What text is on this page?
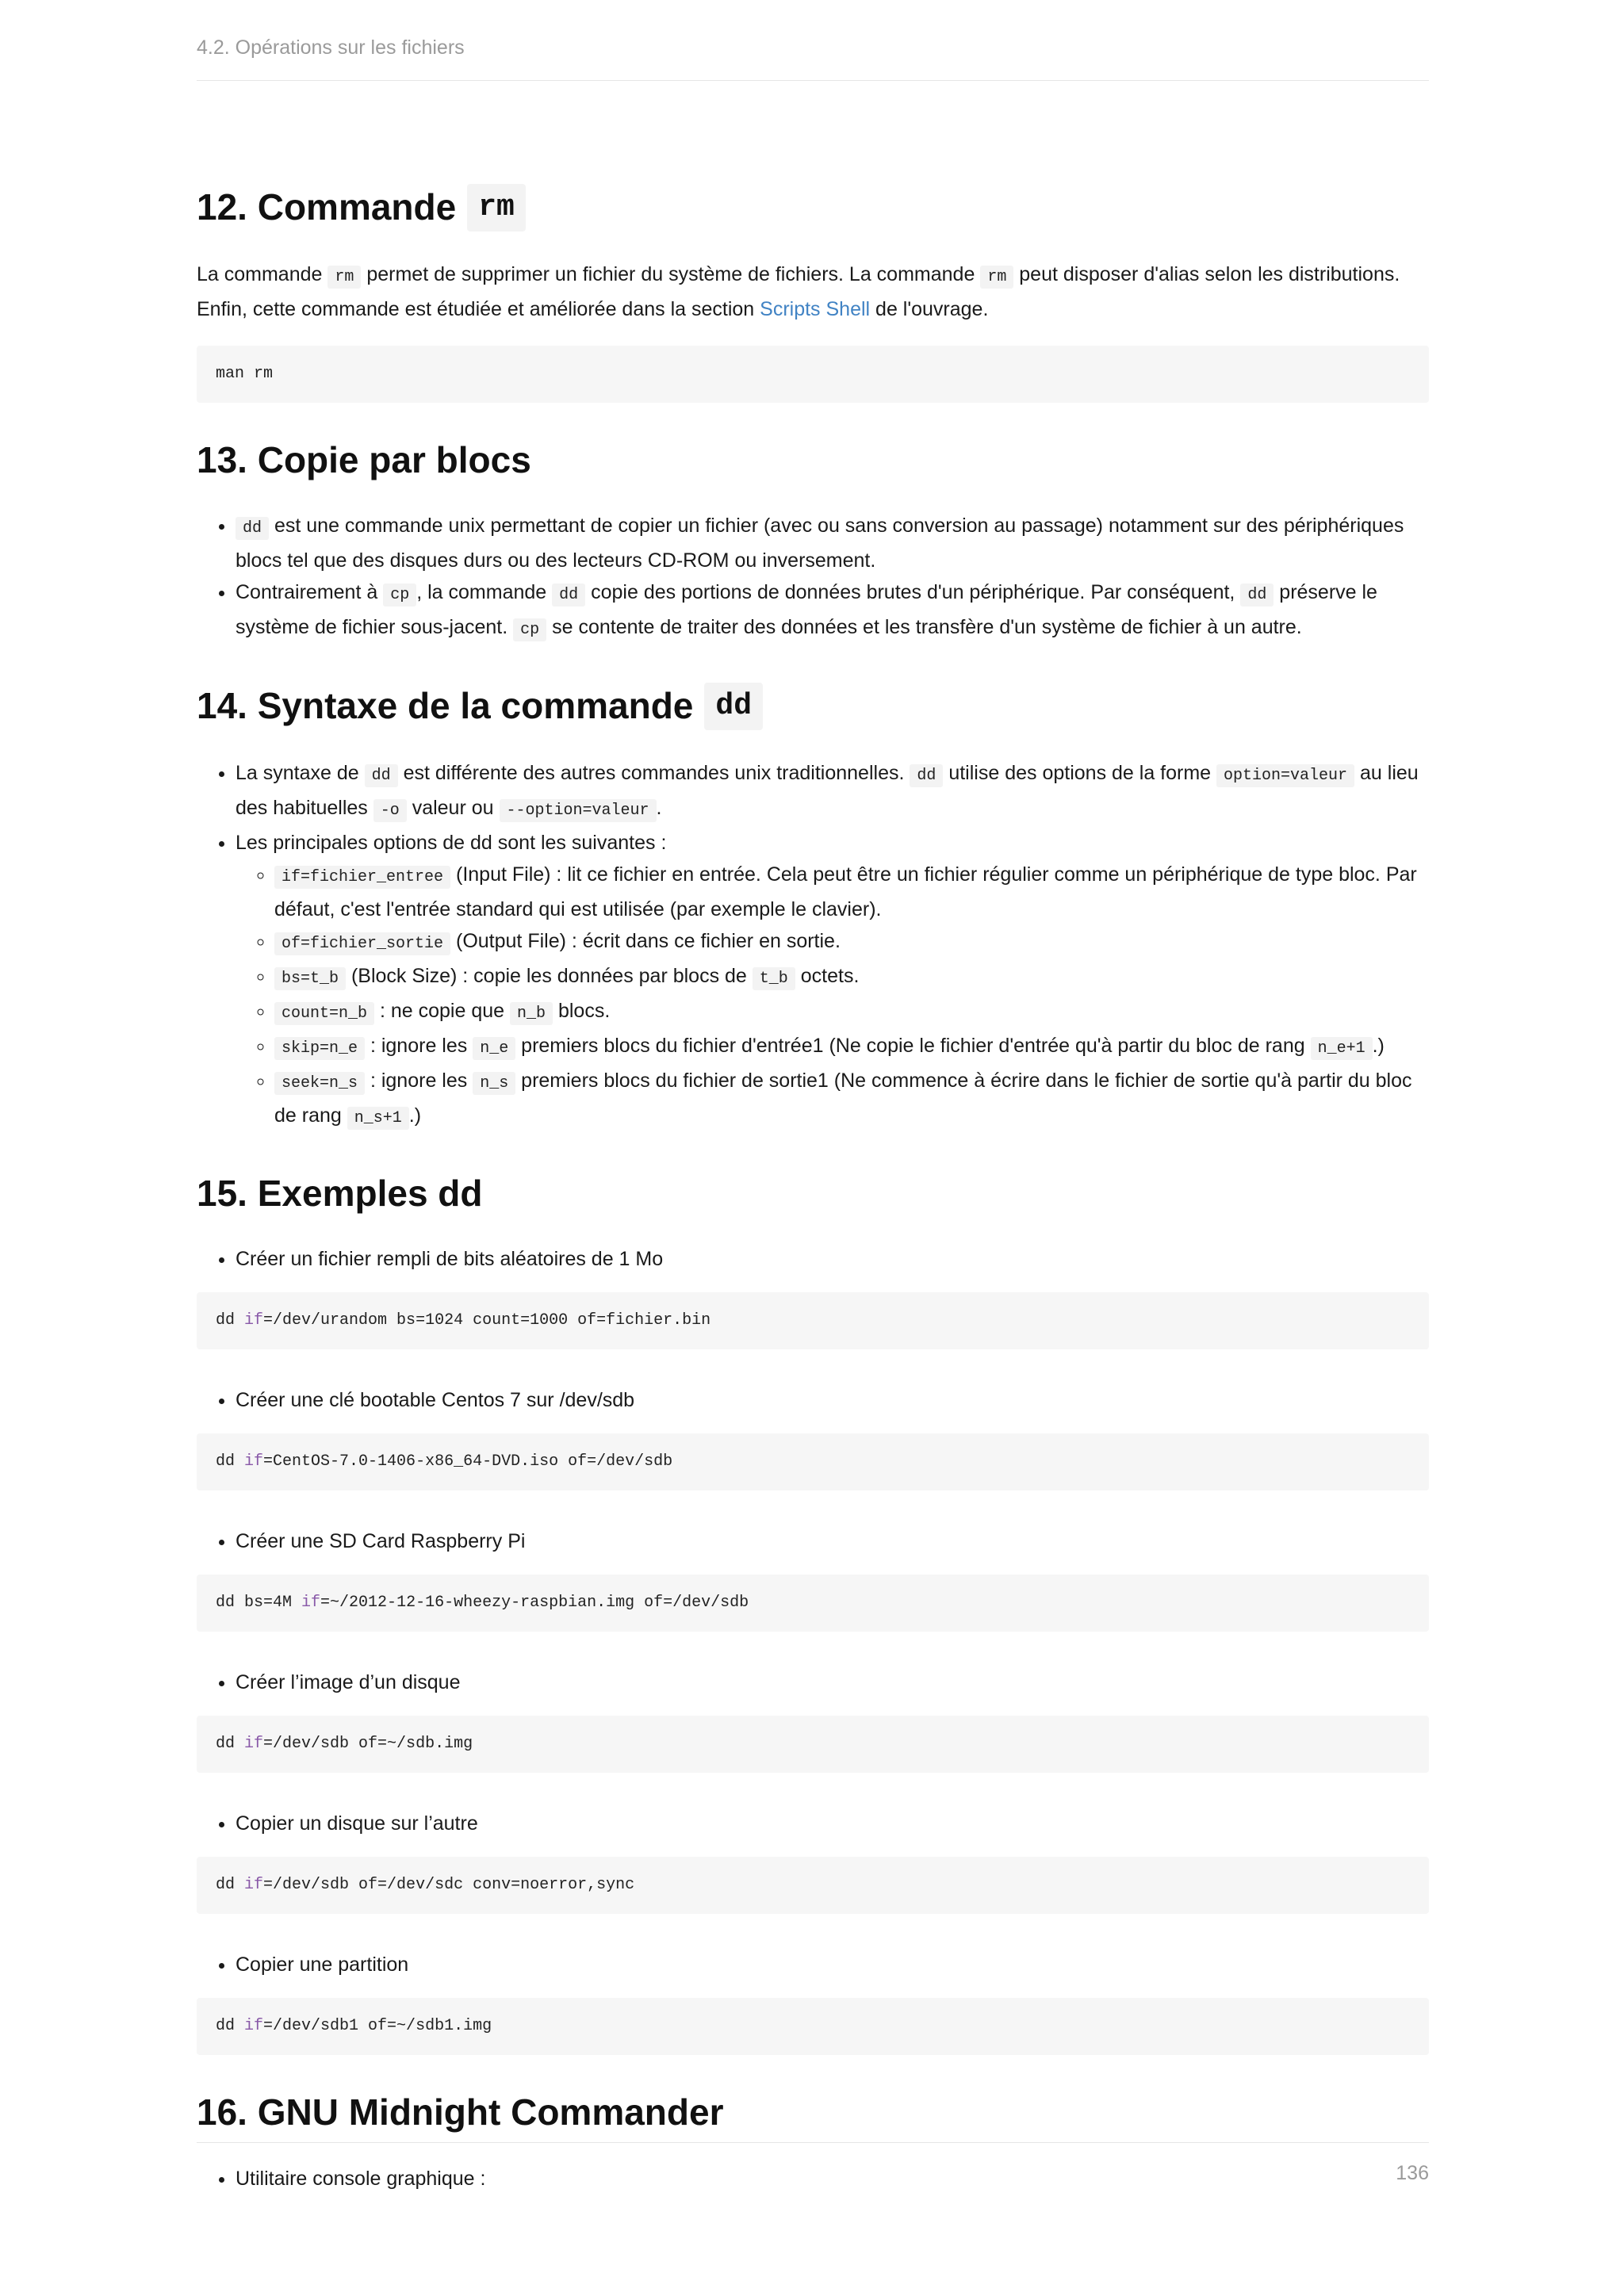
4.2. Opérations sur les fichiers
12. Commande rm

La commande rm permet de supprimer un fichier du système de fichiers. La commande rm peut disposer d'alias selon les distributions. Enfin, cette commande est étudiée et améliorée dans la section Scripts Shell de l'ouvrage.

man rm
13. Copie par blocs
• dd est une commande unix permettant de copier un fichier (avec ou sans conversion au passage) notamment sur des périphériques blocs tel que des disques durs ou des lecteurs CD-ROM ou inversement.
• Contrairement à cp , la commande dd copie des portions de données brutes d'un périphérique. Par conséquent, dd préserve le système de fichier sous-jacent. cp se contente de traiter des données et les transfère d'un système de fichier à un autre.
14. Syntaxe de la commande dd
• La syntaxe de dd est différente des autres commandes unix traditionnelles. dd utilise des options de la forme option=valeur au lieu des habituelles -o valeur ou --option=valeur .
• Les principales options de dd sont les suivantes :
◦ if=fichier_entree (Input File) : lit ce fichier en entrée. Cela peut être un fichier régulier comme un périphérique de type bloc. Par défaut, c'est l'entrée standard qui est utilisée (par exemple le clavier).
◦ of=fichier_sortie (Output File) : écrit dans ce fichier en sortie.
◦ bs=t_b (Block Size) : copie les données par blocs de t_b octets.
◦ count=n_b : ne copie que n_b blocs.
◦ skip=n_e : ignore les n_e premiers blocs du fichier d'entrée1 (Ne copie le fichier d'entrée qu'à partir du bloc de rang n_e+1 .)
◦ seek=n_s : ignore les n_s premiers blocs du fichier de sortie1 (Ne commence à écrire dans le fichier de sortie qu'à partir du bloc de rang n_s+1 .)
15. Exemples dd
• Créer un fichier rempli de bits aléatoires de 1 Mo
dd if=/dev/urandom bs=1024 count=1000 of=fichier.bin
• Créer une clé bootable Centos 7 sur /dev/sdb
dd if=CentOS-7.0-1406-x86_64-DVD.iso of=/dev/sdb
• Créer une SD Card Raspberry Pi
dd bs=4M if=~/2012-12-16-wheezy-raspbian.img of=/dev/sdb
• Créer l’image d’un disque
dd if=/dev/sdb of=~/sdb.img
• Copier un disque sur l’autre
dd if=/dev/sdb of=/dev/sdc conv=noerror,sync
• Copier une partition
dd if=/dev/sdb1 of=~/sdb1.img
16. GNU Midnight Commander
• Utilitaire console graphique :	136
